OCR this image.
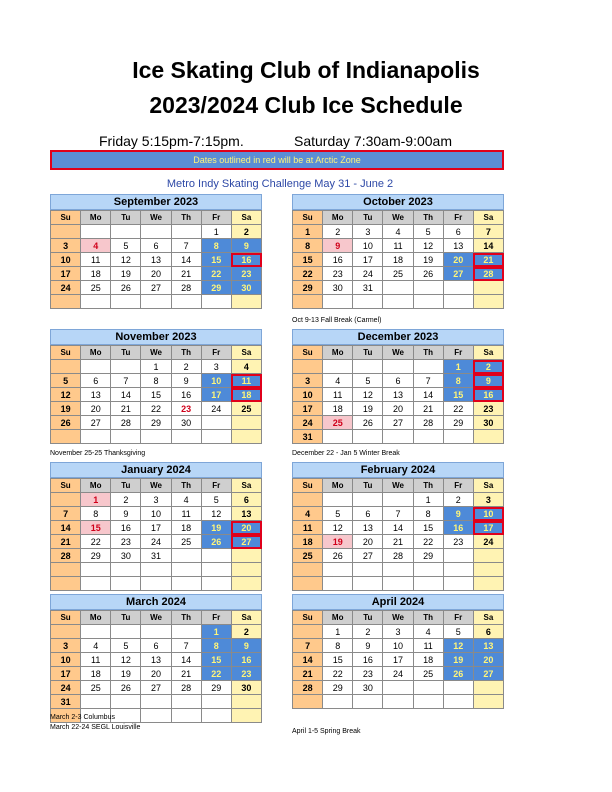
Ice Skating Club of Indianapolis
2023/2024 Club Ice Schedule
Friday 5:15pm-7:15pm.	Saturday 7:30am-9:00am
Dates outlined in red will be at Arctic Zone
Metro Indy Skating Challenge May 31 - June 2
September 2023
Su	Mo	Tu	We	Th	Fr	Sa
					1	2
3	4	5	6	7	8	9
10	11	12	13	14	15	16
17	18	19	20	21	22	23
24	25	26	27	28	29	30

October 2023
Su	Mo	Tu	We	Th	Fr	Sa
1	2	3	4	5	6	7
8	9	10	11	12	13	14
15	16	17	18	19	20	21
22	23	24	25	26	27	28
29	30	31				

Oct 9-13 Fall Break (Carmel)
November 2023
Su	Mo	Tu	We	Th	Fr	Sa
			1	2	3	4
5	6	7	8	9	10	11
12	13	14	15	16	17	18
19	20	21	22	23	24	25
26	27	28	29	30		

November 25-25 Thanksgiving
December 2023
Su	Mo	Tu	We	Th	Fr	Sa
					1	2
3	4	5	6	7	8	9
10	11	12	13	14	15	16
17	18	19	20	21	22	23
24	25	26	27	28	29	30
31						
December 22 - Jan 5 Winter Break
January 2024
Su	Mo	Tu	We	Th	Fr	Sa
	1	2	3	4	5	6
7	8	9	10	11	12	13
14	15	16	17	18	19	20
21	22	23	24	25	26	27
28	29	30	31			

February 2024
Su	Mo	Tu	We	Th	Fr	Sa
				1	2	3
4	5	6	7	8	9	10
11	12	13	14	15	16	17
18	19	20	21	22	23	24
25	26	27	28	29		

March 2024
Su	Mo	Tu	We	Th	Fr	Sa
					1	2
3	4	5	6	7	8	9
10	11	12	13	14	15	16
17	18	19	20	21	22	23
24	25	26	27	28	29	30
31						

March 2-3 Columbus
March 22-24 SEGL Louisville
April 2024
Su	Mo	Tu	We	Th	Fr	Sa
	1	2	3	4	5	6
7	8	9	10	11	12	13
14	15	16	17	18	19	20
21	22	23	24	25	26	27
28	29	30				

April 1-5 Spring Break
